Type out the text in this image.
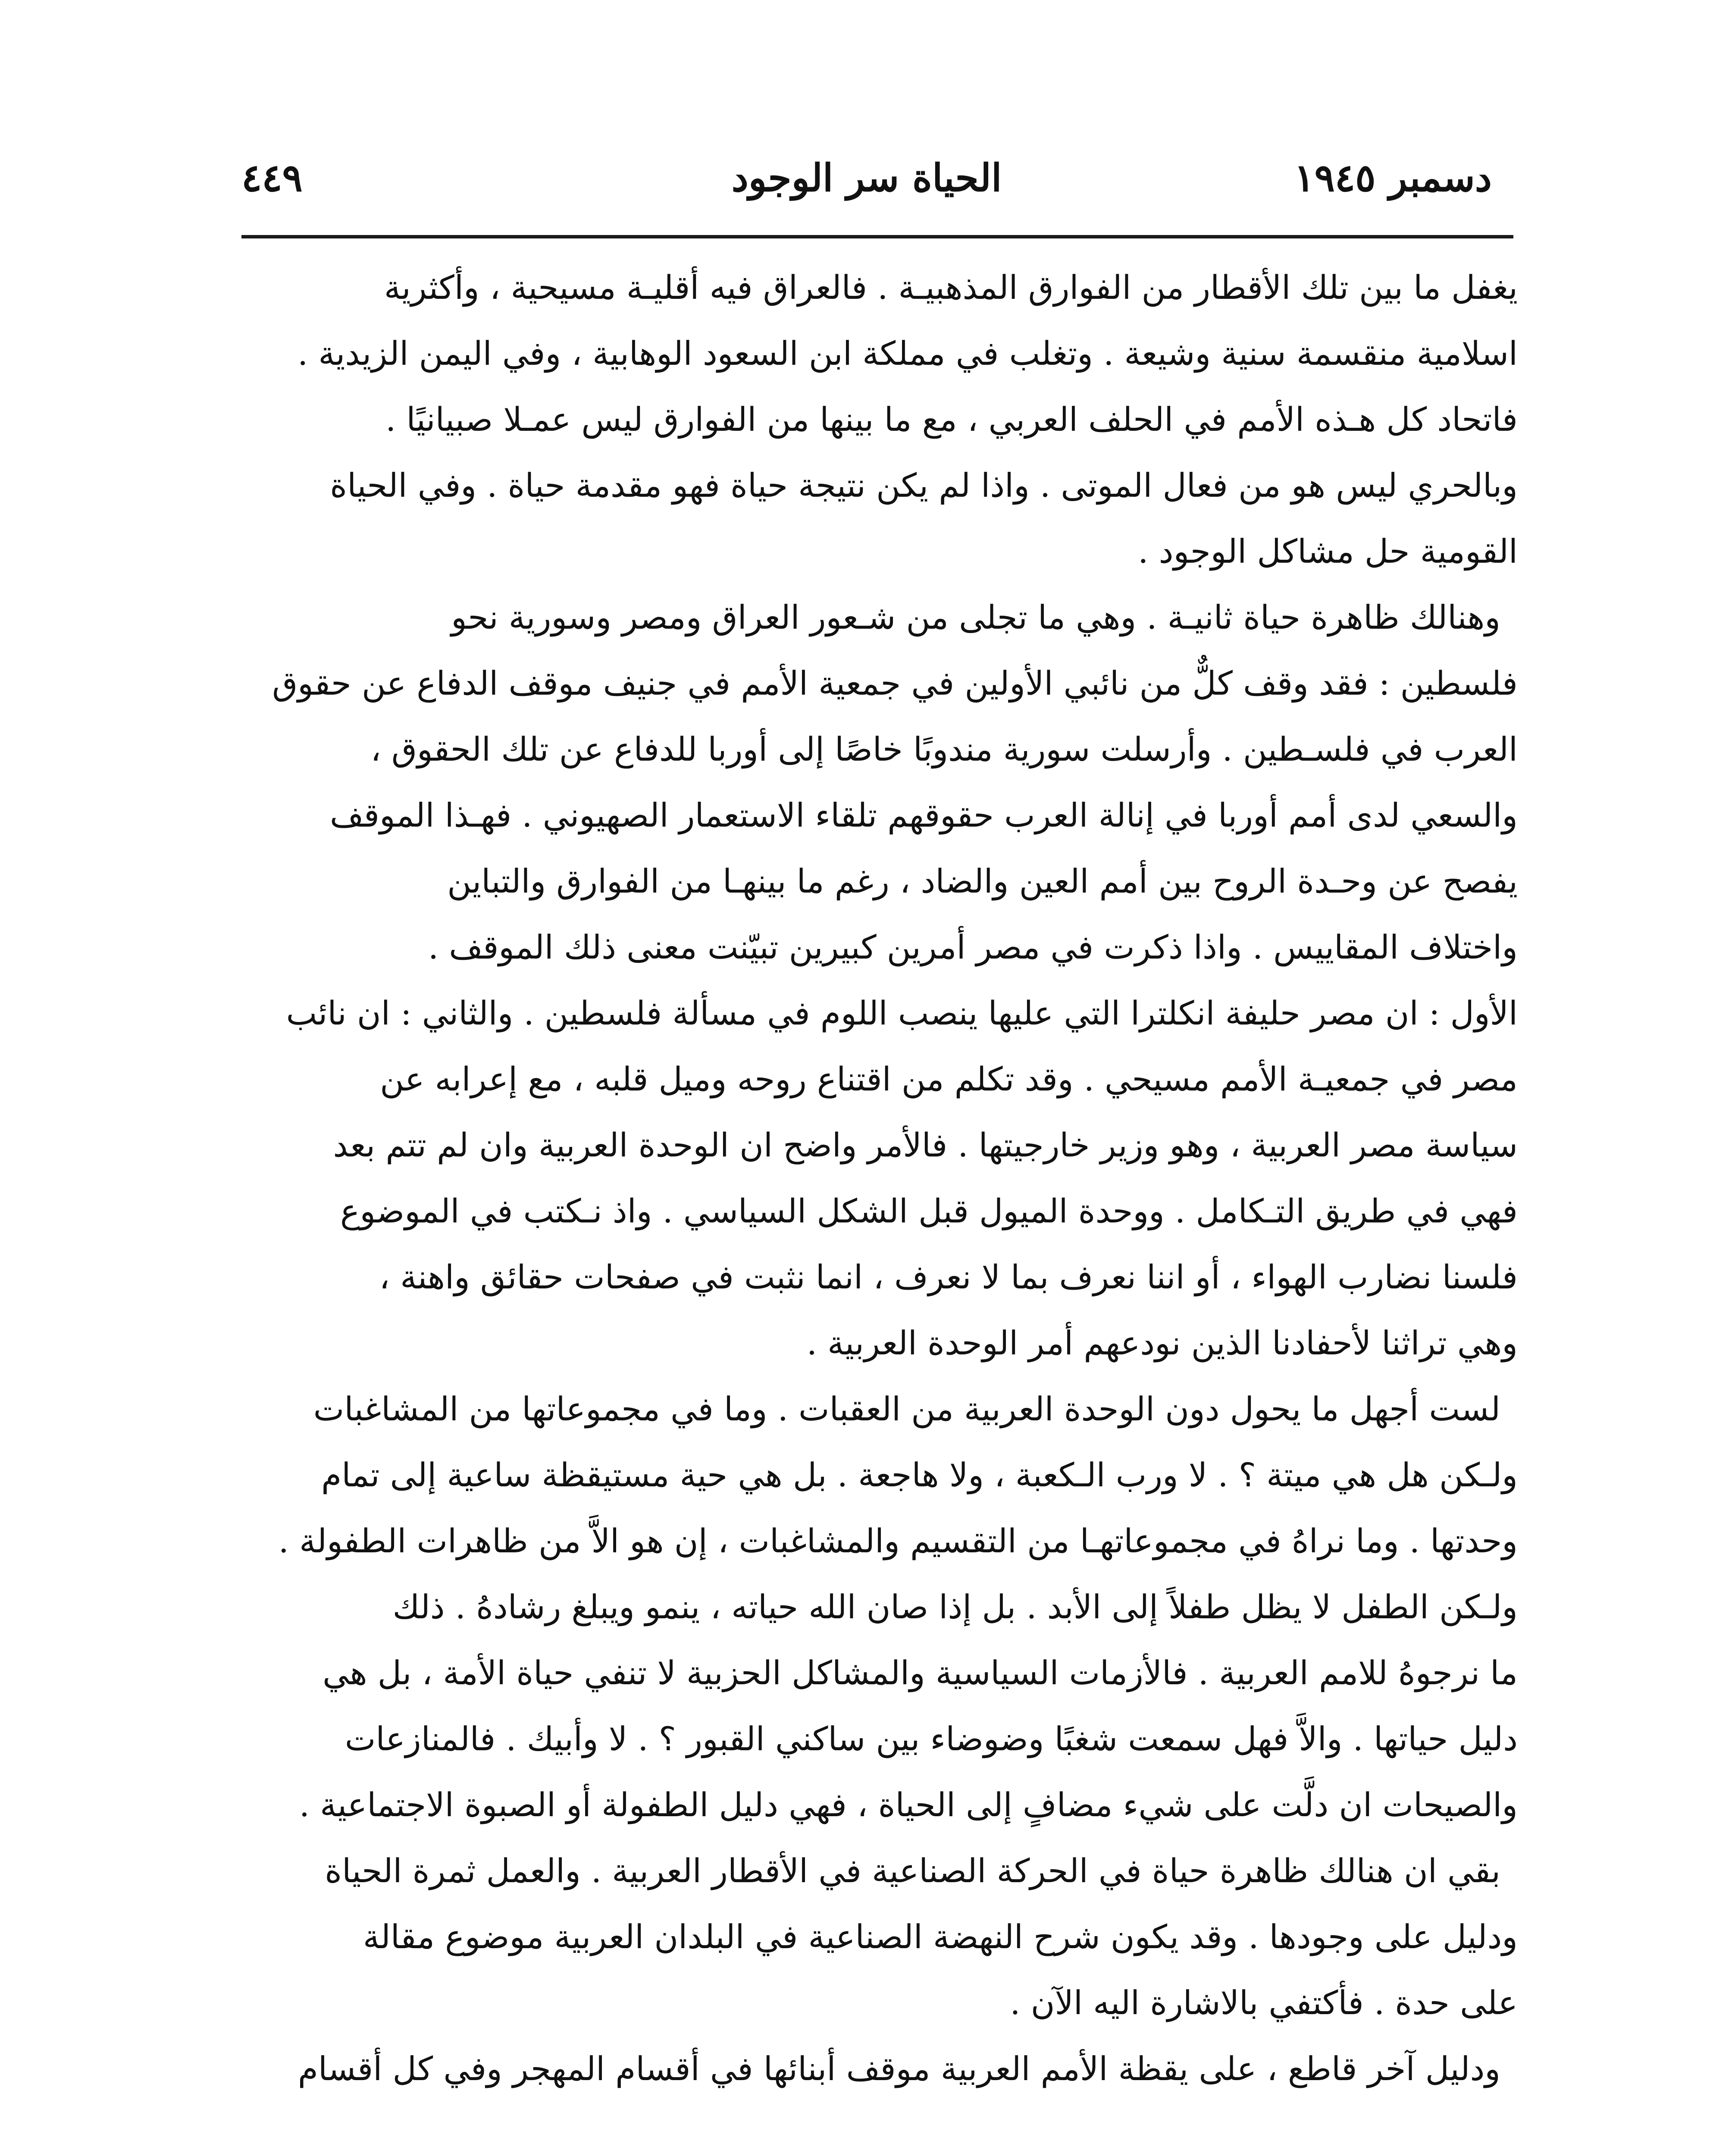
دسمبر ١٩٤٥
الحياة سر الوجود
٤٤٩
يغفل ما بين تلك الأقطار من الفوارق المذهبيـة . فالعراق فيه أقليـة مسيحية ، وأكثرية
اسلامية منقسمة سنية وشيعة . وتغلب في مملكة ابن السعود الوهابية ، وفي اليمن الزيدية .
فاتحاد كل هـذه الأمم في الحلف العربي ، مع ما بينها من الفوارق ليس عمـلا صبيانيًا .
وبالحري ليس هو من فعال الموتى . واذا لم يكن نتيجة حياة فهو مقدمة حياة . وفي الحياة
القومية حل مشاكل الوجود .
وهنالك ظاهرة حياة ثانيـة . وهي ما تجلى من شـعور العراق ومصر وسورية نحو
فلسطين : فقد وقف كلٌّ من نائبي الأولين في جمعية الأمم في جنيف موقف الدفاع عن حقوق
العرب في فلسـطين . وأرسلت سورية مندوبًا خاصًا إلى أوربا للدفاع عن تلك الحقوق ،
والسعي لدى أمم أوربا في إنالة العرب حقوقهم تلقاء الاستعمار الصهيوني . فهـذا الموقف
يفصح عن وحـدة الروح بين أمم العين والضاد ، رغم ما بينهـا من الفوارق والتباين
واختلاف المقاييس . واذا ذكرت في مصر أمرين كبيرين تبيّنت معنى ذلك الموقف .
الأول : ان مصر حليفة انكلترا التي عليها ينصب اللوم في مسألة فلسطين . والثاني : ان نائب
مصر في جمعيـة الأمم مسيحي . وقد تكلم من اقتناع روحه وميل قلبه ، مع إعرابه عن
سياسة مصر العربية ، وهو وزير خارجيتها . فالأمر واضح ان الوحدة العربية وان لم تتم بعد
فهي في طريق التـكامل . ووحدة الميول قبل الشكل السياسي . واذ نـكتب في الموضوع
فلسنا نضارب الهواء ، أو اننا نعرف بما لا نعرف ، انما نثبت في صفحات حقائق واهنة ،
وهي تراثنا لأحفادنا الذين نودعهم أمر الوحدة العربية .
لست أجهل ما يحول دون الوحدة العربية من العقبات . وما في مجموعاتها من المشاغبات
ولـكن هل هي ميتة ؟ . لا ورب الـكعبة ، ولا هاجعة . بل هي حية مستيقظة ساعية إلى تمام
وحدتها . وما نراهُ في مجموعاتهـا من التقسيم والمشاغبات ، إن هو الاَّ من ظاهرات الطفولة .
ولـكن الطفل لا يظل طفلاً إلى الأبد . بل إذا صان الله حياته ، ينمو ويبلغ رشادهُ . ذلك
ما نرجوهُ للامم العربية . فالأزمات السياسية والمشاكل الحزبية لا تنفي حياة الأمة ، بل هي
دليل حياتها . والاَّ فهل سمعت شغبًا وضوضاء بين ساكني القبور ؟ . لا وأبيك . فالمنازعات
والصيحات ان دلَّت على شيء مضافٍ إلى الحياة ، فهي دليل الطفولة أو الصبوة الاجتماعية .
بقي ان هنالك ظاهرة حياة في الحركة الصناعية في الأقطار العربية . والعمل ثمرة الحياة
ودليل على وجودها . وقد يكون شرح النهضة الصناعية في البلدان العربية موضوع مقالة
على حدة . فأكتفي بالاشارة اليه الآن .
ودليل آخر قاطع ، على يقظة الأمم العربية موقف أبنائها في أقسام المهجر وفي كل أقسام
